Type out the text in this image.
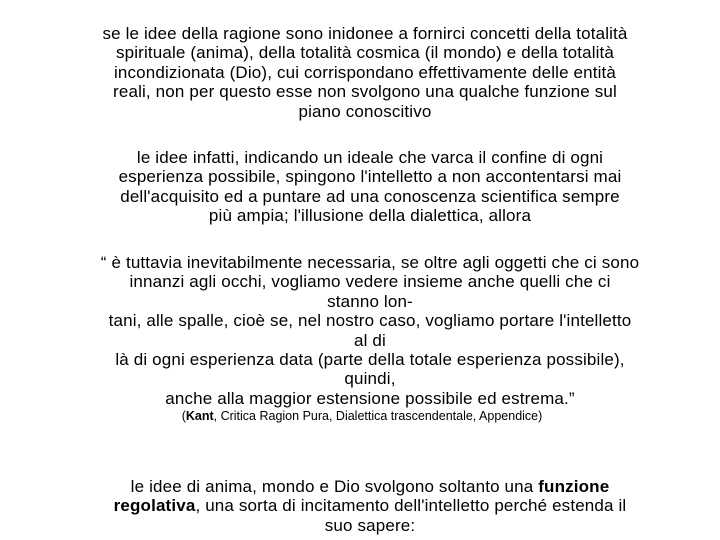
se le idee della ragione sono inidonee a fornirci concetti della totalità
spirituale (anima), della totalità cosmica (il mondo) e della totalità
incondizionata (Dio), cui corrispondano effettivamente delle entità
reali, non per questo esse non svolgono una qualche funzione sul
piano conoscitivo
le idee infatti, indicando un ideale che varca il confine di ogni
esperienza possibile, spingono l'intelletto a non accontentarsi mai
dell'acquisito ed a puntare ad una conoscenza scientifica sempre
più ampia; l'illusione della dialettica, allora
“ è tuttavia inevitabilmente necessaria, se oltre agli oggetti che ci sono
innanzi agli occhi, vogliamo vedere insieme anche quelli che ci
stanno lon-
tani, alle spalle, cioè se, nel nostro caso, vogliamo portare l'intelletto
al di
là di ogni esperienza data (parte della totale esperienza possibile),
quindi,
anche alla maggior estensione possibile ed estrema.”
(Kant, Critica Ragion Pura, Dialettica trascendentale, Appendice)
le idee di anima, mondo e Dio svolgono soltanto una funzione
regolativa, una sorta di incitamento dell'intelletto perché estenda il
suo sapere:
